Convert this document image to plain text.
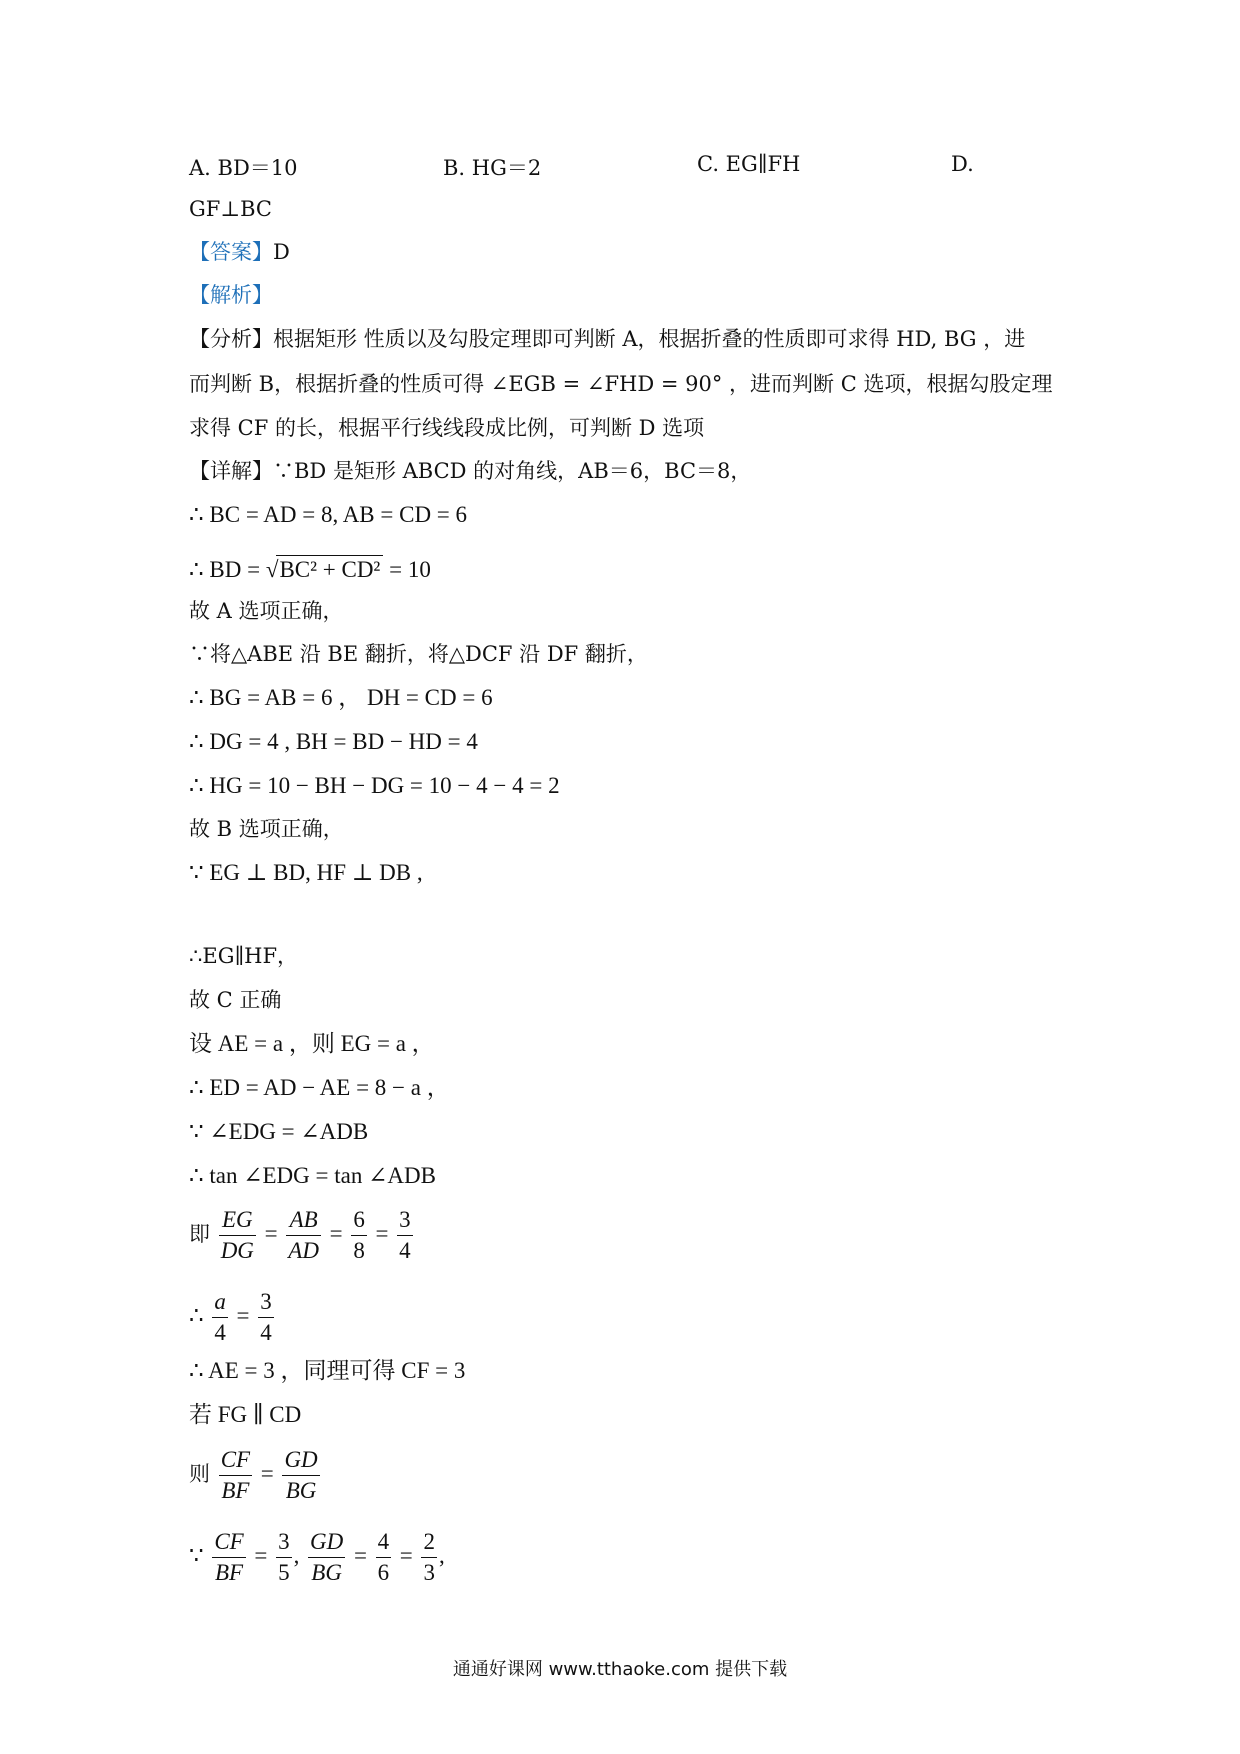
A. BD＝10	B. HG＝2	C. EG∥FH	D.
GF⊥BC
【答案】D
【解析】
【分析】根据矩形 性质以及勾股定理即可判断 A，根据折叠的性质即可求得 HD, BG ，进
而判断 B，根据折叠的性质可得 ∠EGB = ∠FHD = 90° ，进而判断 C 选项，根据勾股定理
求得 CF 的长，根据平行线线段成比例，可判断 D 选项
【详解】∵BD 是矩形 ABCD 的对角线，AB＝6，BC＝8，
∴ BC = AD = 8, AB = CD = 6
∴ BD = √BC² + CD² = 10
故 A 选项正确，
∵将△ABE 沿 BE 翻折，将△DCF 沿 DF 翻折，
∴ BG = AB = 6 ， DH = CD = 6
∴ DG = 4 , BH = BD − HD = 4
∴ HG = 10 − BH − DG = 10 − 4 − 4 = 2
故 B 选项正确，
∵ EG ⊥ BD, HF ⊥ DB ,
∴EG∥HF，
故 C 正确
设 AE = a ，则 EG = a ，
∴ ED = AD − AE = 8 − a ，
∵ ∠EDG = ∠ADB
∴ tan ∠EDG = tan ∠ADB
即 $\frac{EG}{DG} = \frac{AB}{AD} = \frac{6}{8} = \frac{3}{4}$
∴ $\frac{a}{4} = \frac{3}{4}$
∴ AE = 3 ，同理可得 CF = 3
若 FG ∥ CD
则 $\frac{CF}{BF} = \frac{GD}{BG}$
∵ $\frac{CF}{BF} = \frac{3}{5}$ , $\frac{GD}{BG} = \frac{4}{6} = \frac{2}{3}$ ,
通通好课网 www.tthaoke.com 提供下载
